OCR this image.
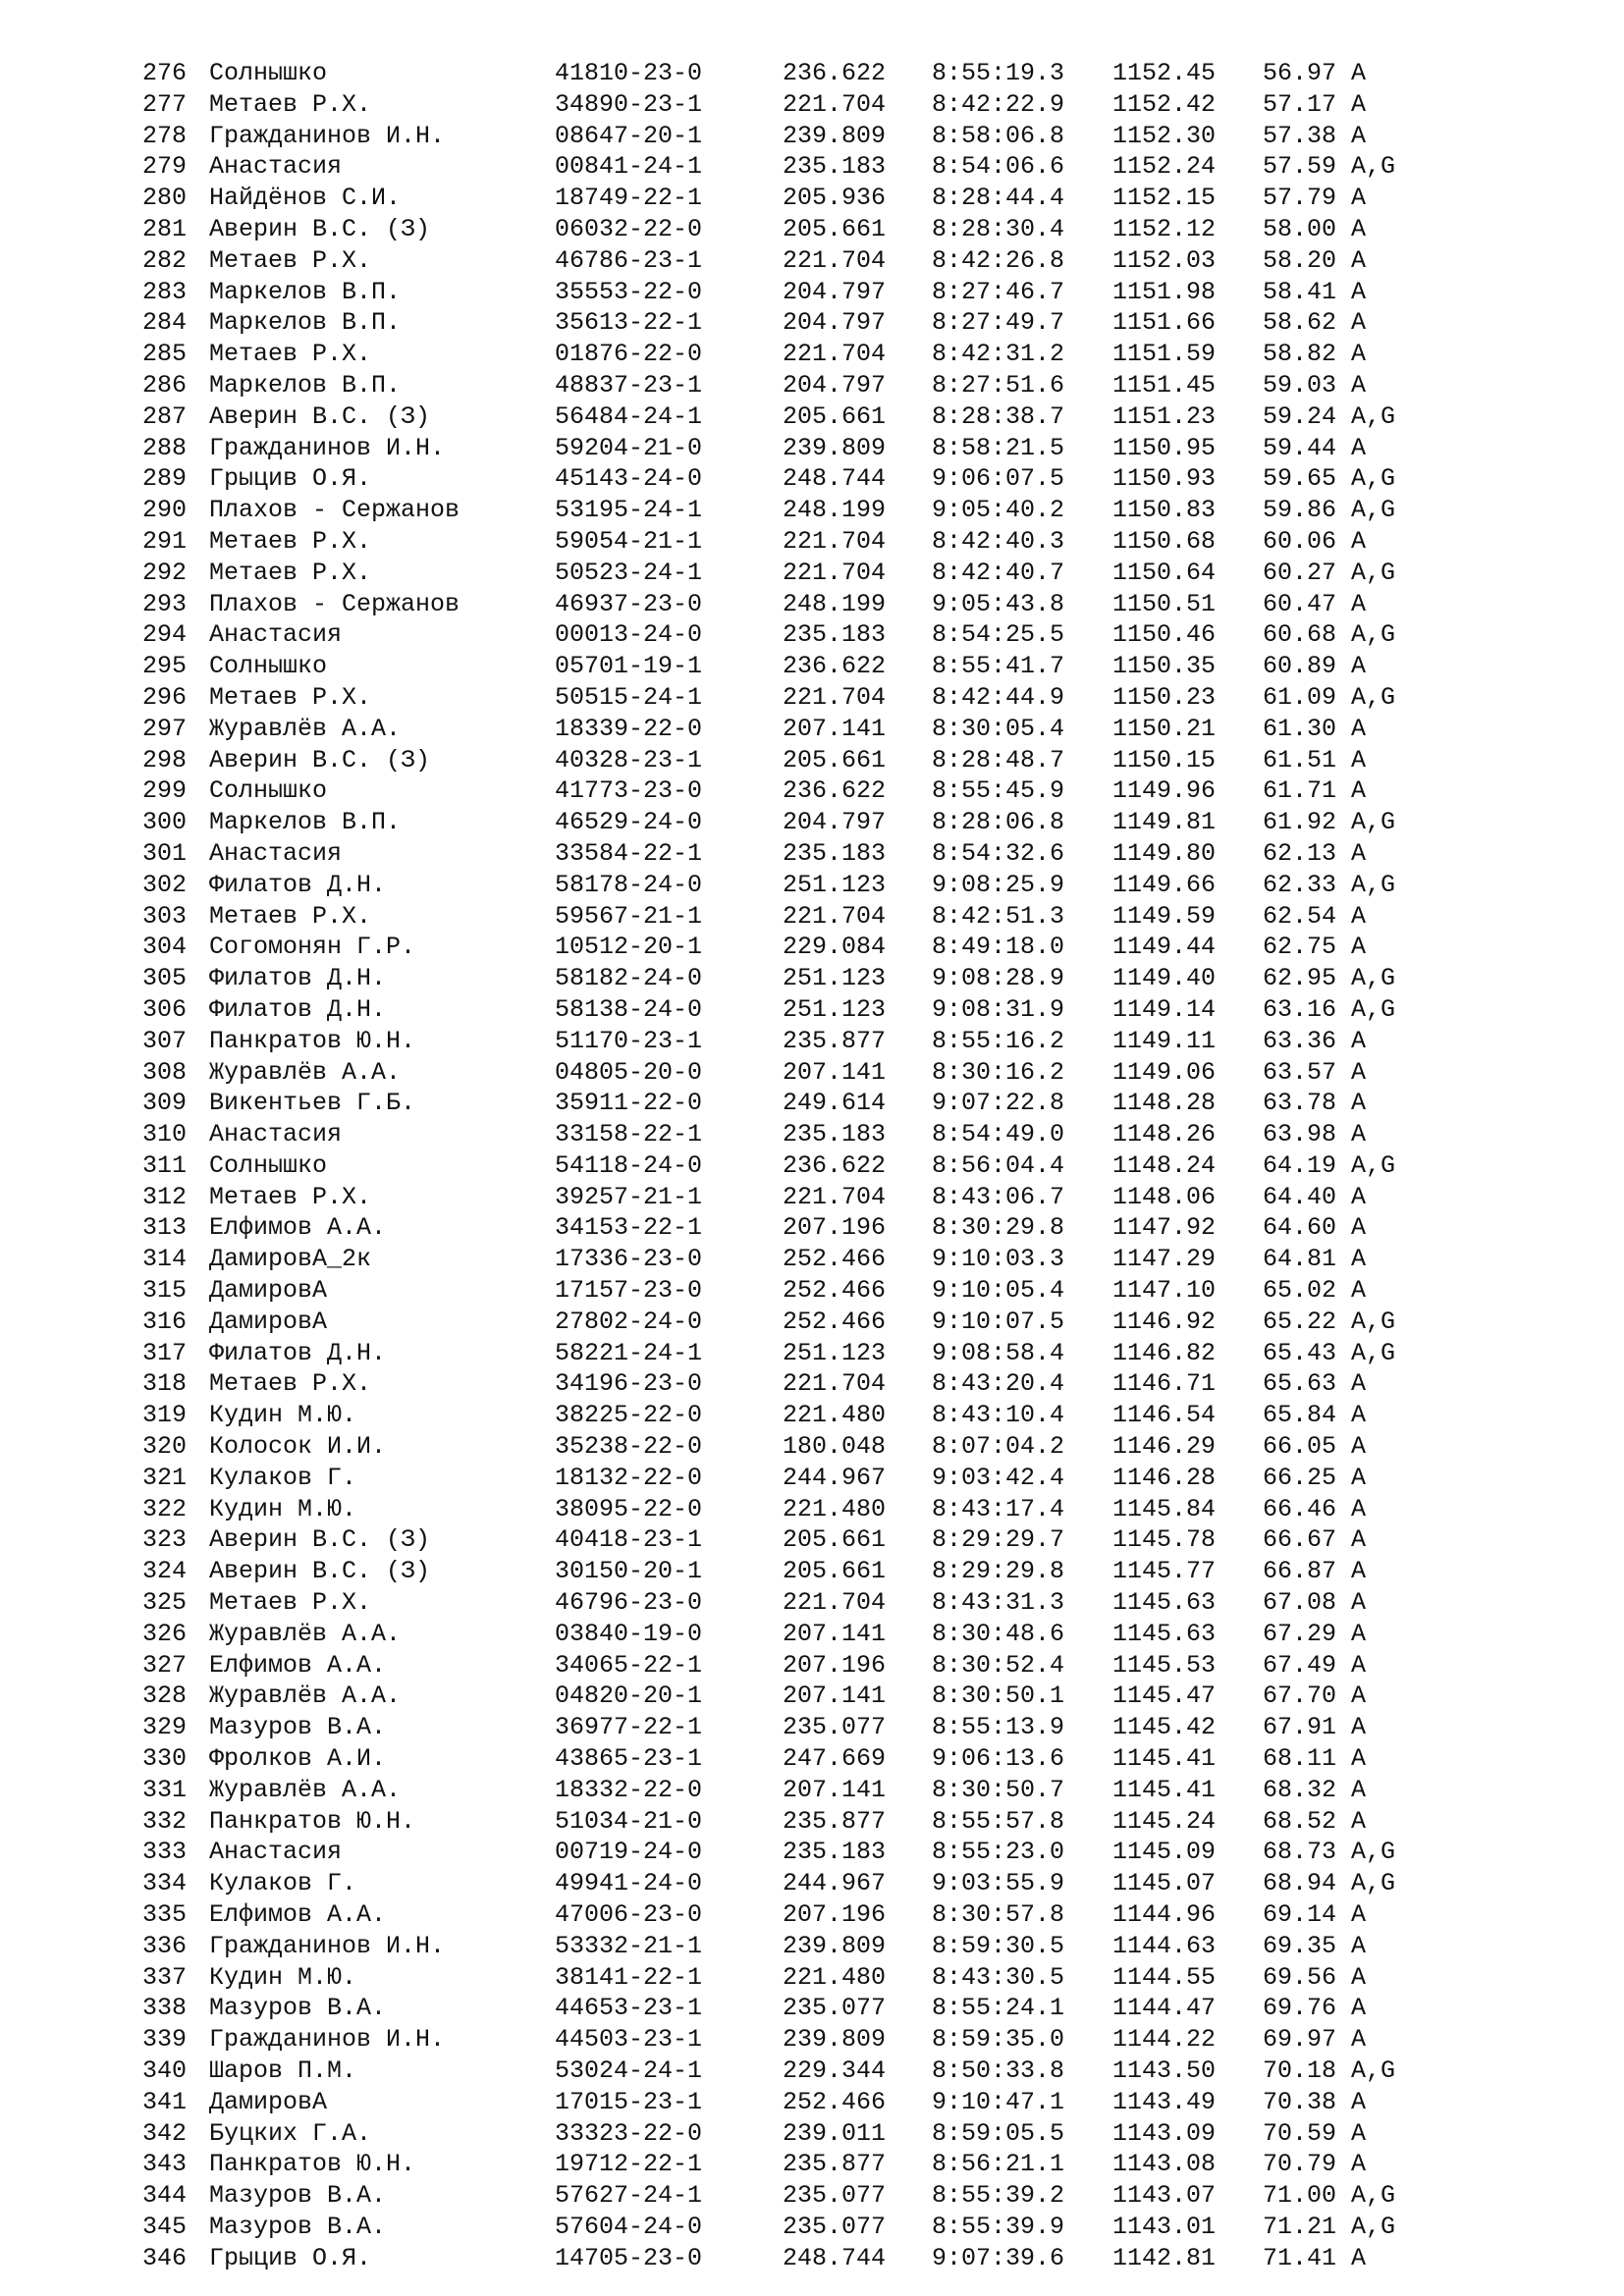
276 Солнышко	41810-23-0	236.622 8:55:19.3 1152.45 56.97 A
277 Метаев Р.Х.	34890-23-1	221.704 8:42:22.9 1152.42 57.17 A
278 Гражданинов И.Н.	08647-20-1	239.809 8:58:06.8 1152.30 57.38 A
279 Анастасия	00841-24-1	235.183 8:54:06.6 1152.24 57.59 A,G
280 Найдёнов С.И.	18749-22-1	205.936 8:28:44.4 1152.15 57.79 A
281 Аверин В.С. (З)	06032-22-0	205.661 8:28:30.4 1152.12 58.00 A
282 Метаев Р.Х.	46786-23-1	221.704 8:42:26.8 1152.03 58.20 A
283 Маркелов В.П.	35553-22-0	204.797 8:27:46.7 1151.98 58.41 A
284 Маркелов В.П.	35613-22-1	204.797 8:27:49.7 1151.66 58.62 A
285 Метаев Р.Х.	01876-22-0	221.704 8:42:31.2 1151.59 58.82 A
286 Маркелов В.П.	48837-23-1	204.797 8:27:51.6 1151.45 59.03 A
287 Аверин В.С. (З)	56484-24-1	205.661 8:28:38.7 1151.23 59.24 A,G
288 Гражданинов И.Н.	59204-21-0	239.809 8:58:21.5 1150.95 59.44 A
289 Грыцив О.Я.	45143-24-0	248.744 9:06:07.5 1150.93 59.65 A,G
290 Плахов - Сержанов	53195-24-1	248.199 9:05:40.2 1150.83 59.86 A,G
291 Метаев Р.Х.	59054-21-1	221.704 8:42:40.3 1150.68 60.06 A
292 Метаев Р.Х.	50523-24-1	221.704 8:42:40.7 1150.64 60.27 A,G
293 Плахов - Сержанов	46937-23-0	248.199 9:05:43.8 1150.51 60.47 A
294 Анастасия	00013-24-0	235.183 8:54:25.5 1150.46 60.68 A,G
295 Солнышко	05701-19-1	236.622 8:55:41.7 1150.35 60.89 A
296 Метаев Р.Х.	50515-24-1	221.704 8:42:44.9 1150.23 61.09 A,G
297 Журавлёв А.А.	18339-22-0	207.141 8:30:05.4 1150.21 61.30 A
298 Аверин В.С. (З)	40328-23-1	205.661 8:28:48.7 1150.15 61.51 A
299 Солнышко	41773-23-0	236.622 8:55:45.9 1149.96 61.71 A
300 Маркелов В.П.	46529-24-0	204.797 8:28:06.8 1149.81 61.92 A,G
301 Анастасия	33584-22-1	235.183 8:54:32.6 1149.80 62.13 A
302 Филатов Д.Н.	58178-24-0	251.123 9:08:25.9 1149.66 62.33 A,G
303 Метаев Р.Х.	59567-21-1	221.704 8:42:51.3 1149.59 62.54 A
304 Согомонян Г.Р.	10512-20-1	229.084 8:49:18.0 1149.44 62.75 A
305 Филатов Д.Н.	58182-24-0	251.123 9:08:28.9 1149.40 62.95 A,G
306 Филатов Д.Н.	58138-24-0	251.123 9:08:31.9 1149.14 63.16 A,G
307 Панкратов Ю.Н.	51170-23-1	235.877 8:55:16.2 1149.11 63.36 A
308 Журавлёв А.А.	04805-20-0	207.141 8:30:16.2 1149.06 63.57 A
309 Викентьев Г.Б.	35911-22-0	249.614 9:07:22.8 1148.28 63.78 A
310 Анастасия	33158-22-1	235.183 8:54:49.0 1148.26 63.98 A
311 Солнышко	54118-24-0	236.622 8:56:04.4 1148.24 64.19 A,G
312 Метаев Р.Х.	39257-21-1	221.704 8:43:06.7 1148.06 64.40 A
313 Елфимов А.А.	34153-22-1	207.196 8:30:29.8 1147.92 64.60 A
314 ДамировА_2к	17336-23-0	252.466 9:10:03.3 1147.29 64.81 A
315 ДамировА	17157-23-0	252.466 9:10:05.4 1147.10 65.02 A
316 ДамировА	27802-24-0	252.466 9:10:07.5 1146.92 65.22 A,G
317 Филатов Д.Н.	58221-24-1	251.123 9:08:58.4 1146.82 65.43 A,G
318 Метаев Р.Х.	34196-23-0	221.704 8:43:20.4 1146.71 65.63 A
319 Кудин М.Ю.	38225-22-0	221.480 8:43:10.4 1146.54 65.84 A
320 Колосок И.И.	35238-22-0	180.048 8:07:04.2 1146.29 66.05 A
321 Кулаков Г.	18132-22-0	244.967 9:03:42.4 1146.28 66.25 A
322 Кудин М.Ю.	38095-22-0	221.480 8:43:17.4 1145.84 66.46 A
323 Аверин В.С. (З)	40418-23-1	205.661 8:29:29.7 1145.78 66.67 A
324 Аверин В.С. (З)	30150-20-1	205.661 8:29:29.8 1145.77 66.87 A
325 Метаев Р.Х.	46796-23-0	221.704 8:43:31.3 1145.63 67.08 A
326 Журавлёв А.А.	03840-19-0	207.141 8:30:48.6 1145.63 67.29 A
327 Елфимов А.А.	34065-22-1	207.196 8:30:52.4 1145.53 67.49 A
328 Журавлёв А.А.	04820-20-1	207.141 8:30:50.1 1145.47 67.70 A
329 Мазуров В.А.	36977-22-1	235.077 8:55:13.9 1145.42 67.91 A
330 Фролков А.И.	43865-23-1	247.669 9:06:13.6 1145.41 68.11 A
331 Журавлёв А.А.	18332-22-0	207.141 8:30:50.7 1145.41 68.32 A
332 Панкратов Ю.Н.	51034-21-0	235.877 8:55:57.8 1145.24 68.52 A
333 Анастасия	00719-24-0	235.183 8:55:23.0 1145.09 68.73 A,G
334 Кулаков Г.	49941-24-0	244.967 9:03:55.9 1145.07 68.94 A,G
335 Елфимов А.А.	47006-23-0	207.196 8:30:57.8 1144.96 69.14 A
336 Гражданинов И.Н.	53332-21-1	239.809 8:59:30.5 1144.63 69.35 A
337 Кудин М.Ю.	38141-22-1	221.480 8:43:30.5 1144.55 69.56 A
338 Мазуров В.А.	44653-23-1	235.077 8:55:24.1 1144.47 69.76 A
339 Гражданинов И.Н.	44503-23-1	239.809 8:59:35.0 1144.22 69.97 A
340 Шаров П.М.	53024-24-1	229.344 8:50:33.8 1143.50 70.18 A,G
341 ДамировА	17015-23-1	252.466 9:10:47.1 1143.49 70.38 A
342 Буцких Г.А.	33323-22-0	239.011 8:59:05.5 1143.09 70.59 A
343 Панкратов Ю.Н.	19712-22-1	235.877 8:56:21.1 1143.08 70.79 A
344 Мазуров В.А.	57627-24-1	235.077 8:55:39.2 1143.07 71.00 A,G
345 Мазуров В.А.	57604-24-0	235.077 8:55:39.9 1143.01 71.21 A,G
346 Грыцив О.Я.	14705-23-0	248.744 9:07:39.6 1142.81 71.41 A
